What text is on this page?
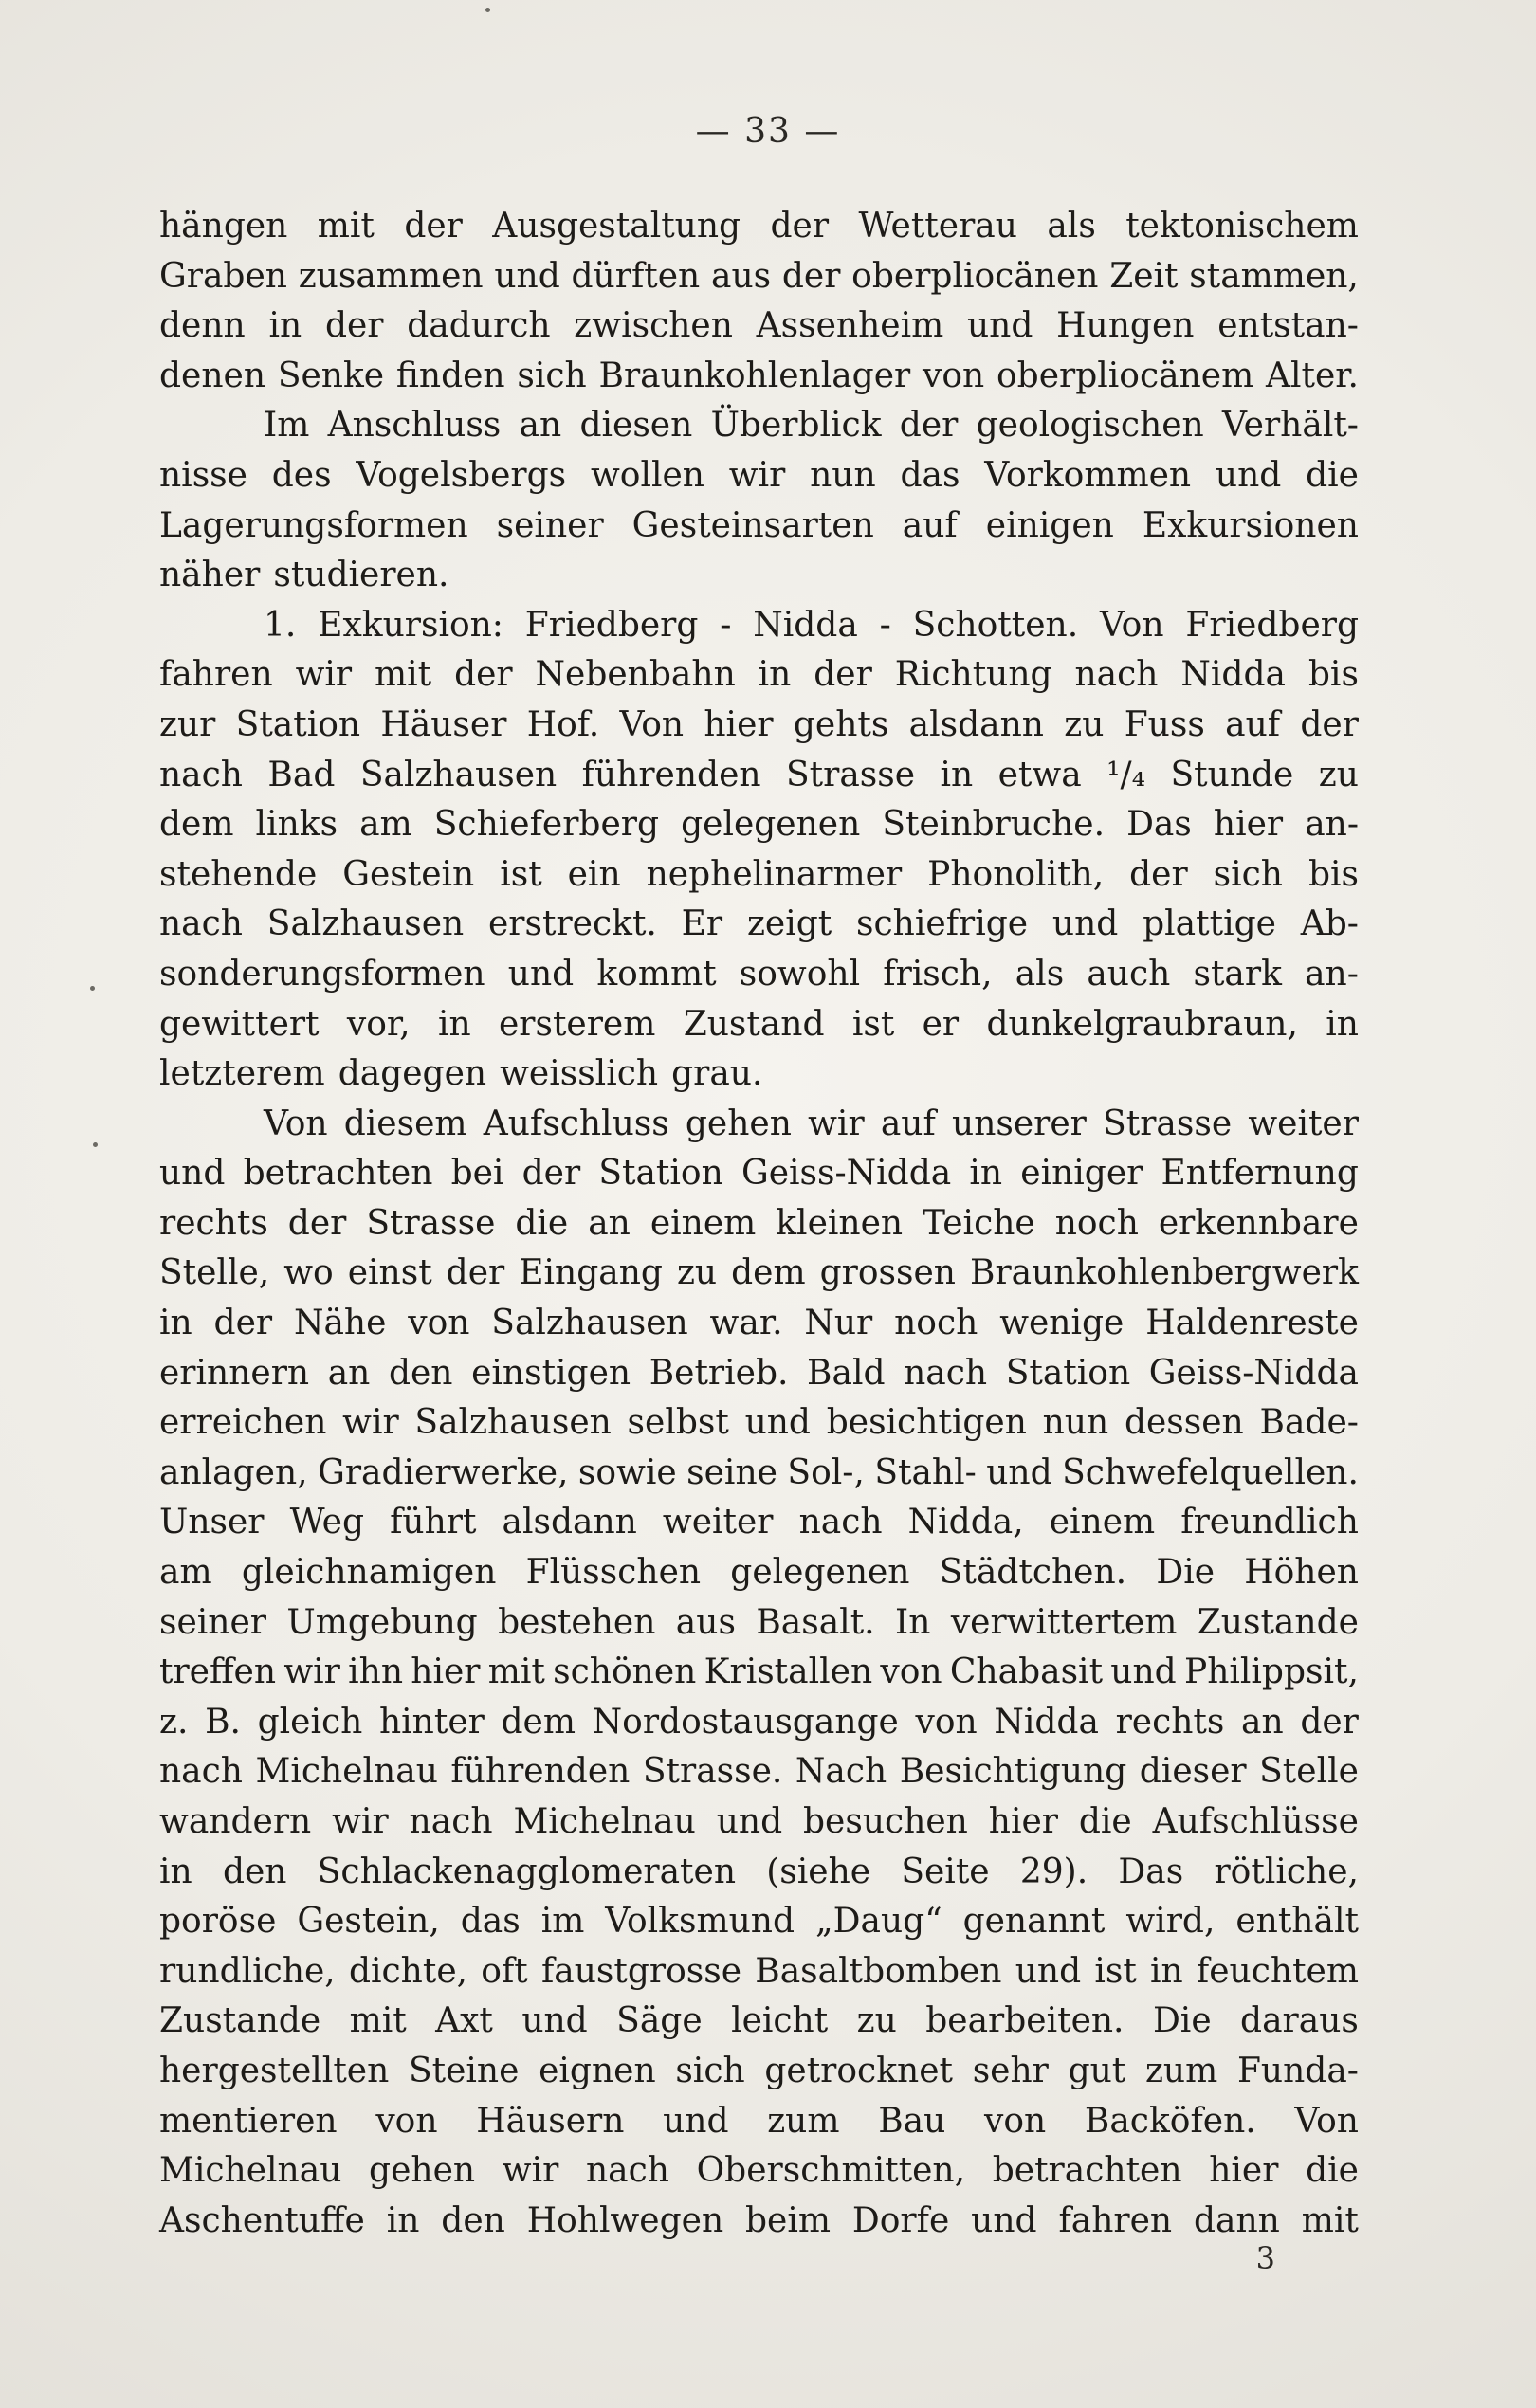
— 33 —
hängen mit der Ausgestaltung der Wetterau als tektonischem
Graben zusammen und dürften aus der oberpliocänen Zeit stammen,
denn in der dadurch zwischen Assenheim und Hungen entstan-
denen Senke finden sich Braunkohlenlager von oberpliocänem Alter.
Im Anschluss an diesen Überblick der geologischen Verhält-
nisse des Vogelsbergs wollen wir nun das Vorkommen und die
Lagerungsformen seiner Gesteinsarten auf einigen Exkursionen
näher studieren.
1. Exkursion: Friedberg - Nidda - Schotten. Von Friedberg
fahren wir mit der Nebenbahn in der Richtung nach Nidda bis
zur Station Häuser Hof. Von hier gehts alsdann zu Fuss auf der
nach Bad Salzhausen führenden Strasse in etwa ¹/₄ Stunde zu
dem links am Schieferberg gelegenen Steinbruche. Das hier an-
stehende Gestein ist ein nephelinarmer Phonolith, der sich bis
nach Salzhausen erstreckt. Er zeigt schiefrige und plattige Ab-
sonderungsformen und kommt sowohl frisch, als auch stark an-
gewittert vor, in ersterem Zustand ist er dunkelgraubraun, in
letzterem dagegen weisslich grau.
Von diesem Aufschluss gehen wir auf unserer Strasse weiter
und betrachten bei der Station Geiss-Nidda in einiger Entfernung
rechts der Strasse die an einem kleinen Teiche noch erkennbare
Stelle, wo einst der Eingang zu dem grossen Braunkohlenbergwerk
in der Nähe von Salzhausen war. Nur noch wenige Haldenreste
erinnern an den einstigen Betrieb. Bald nach Station Geiss-Nidda
erreichen wir Salzhausen selbst und besichtigen nun dessen Bade-
anlagen, Gradierwerke, sowie seine Sol-, Stahl- und Schwefelquellen.
Unser Weg führt alsdann weiter nach Nidda, einem freundlich
am gleichnamigen Flüsschen gelegenen Städtchen. Die Höhen
seiner Umgebung bestehen aus Basalt. In verwittertem Zustande
treffen wir ihn hier mit schönen Kristallen von Chabasit und Philippsit,
z. B. gleich hinter dem Nordostausgange von Nidda rechts an der
nach Michelnau führenden Strasse. Nach Besichtigung dieser Stelle
wandern wir nach Michelnau und besuchen hier die Aufschlüsse
in den Schlackenagglomeraten (siehe Seite 29). Das rötliche,
poröse Gestein, das im Volksmund „Daug“ genannt wird, enthält
rundliche, dichte, oft faustgrosse Basaltbomben und ist in feuchtem
Zustande mit Axt und Säge leicht zu bearbeiten. Die daraus
hergestellten Steine eignen sich getrocknet sehr gut zum Funda-
mentieren von Häusern und zum Bau von Backöfen. Von
Michelnau gehen wir nach Oberschmitten, betrachten hier die
Aschentuffe in den Hohlwegen beim Dorfe und fahren dann mit
3
